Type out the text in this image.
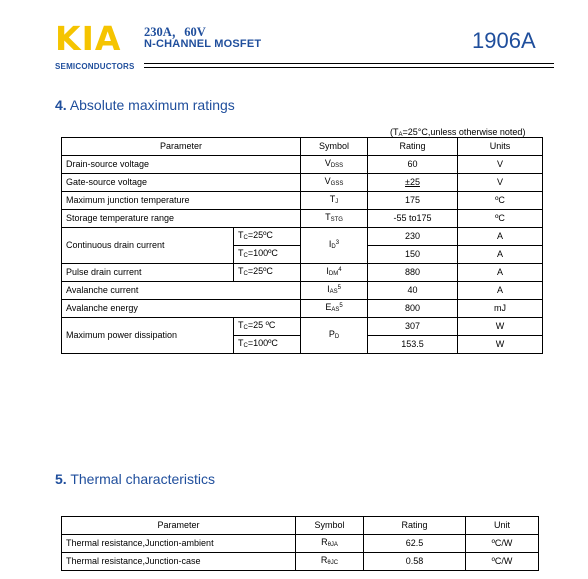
KIA
SEMICONDUCTORS
230A，60V
N-CHANNEL MOSFET	1906A
4. Absolute maximum ratings
($T_A=25^\circ C,unless$ otherwise noted)
Parameter		Symbol	Rating	Units
Drain-source voltage		$V_{DSS}$	60	V
Gate-source voltage		$V_{GSS}$	±25	V
Maximum junction temperature		$T_J$	175	ºC
Storage temperature range		$T_{STG}$	-55 to175	ºC
Continuous drain current	$T_C=25ºC$	$I_D^3$	230	A
	$T_C=100ºC$		150	A
Pulse drain current	$T_C=25ºC$	$I_{DM}^4$	880	A
Avalanche current		$I_{AS}^5$	40	A
Avalanche energy		$E_{AS}^5$	800	mJ
Maximum power dissipation	$T_C=25$ ºC	$P_D$	307	W
	$T_C=100ºC$		153.5	W
5. Thermal characteristics
Parameter	Symbol	Rating	Unit
Thermal resistance,Junction-ambient	$R_{\theta JA}$	62.5	ºC/W
Thermal resistance,Junction-case	$R_{\theta JC}$	0.58	ºC/W
